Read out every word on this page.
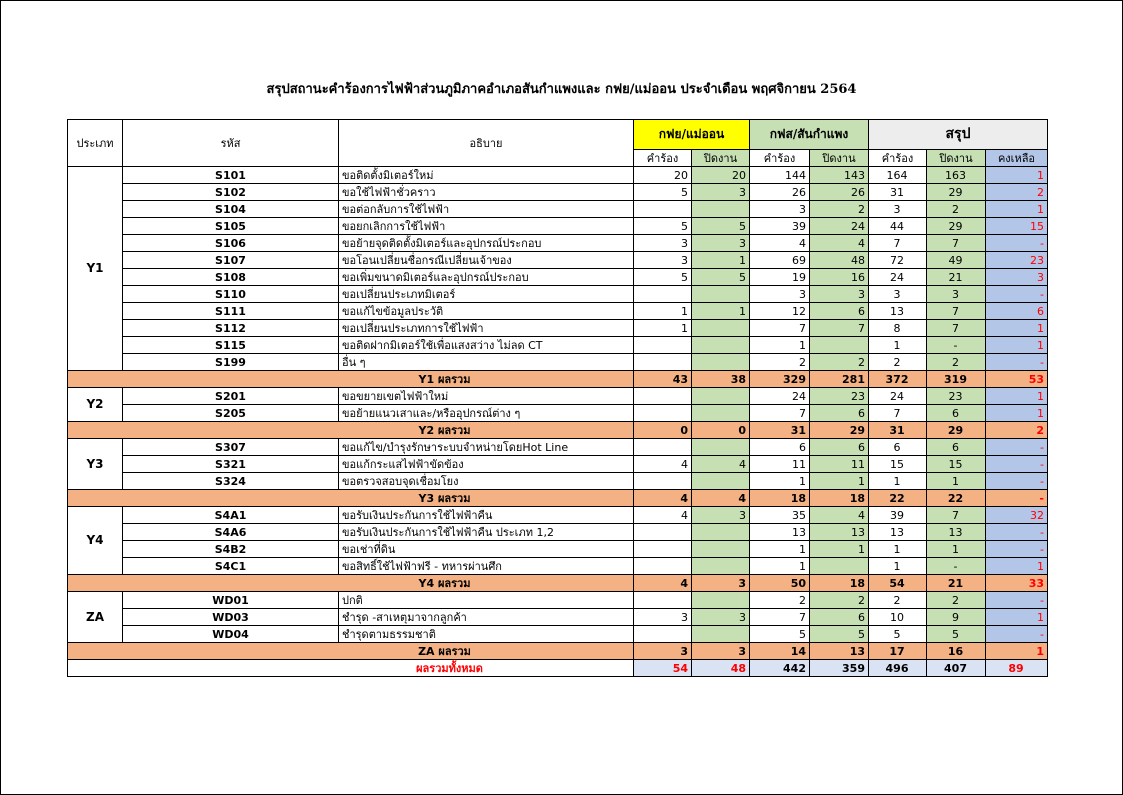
สรุปสถานะคำร้องการไฟฟ้าส่วนภูมิภาคอำเภอสันกำแพงและ กฟย/แม่ออน ประจำเดือน พฤศจิกายน 2564
ประเภท	รหัส	อธิบาย	กฟย/แม่ออน		กฟส/สันกำแพง		สรุป		
			คำร้อง	ปิดงาน	คำร้อง	ปิดงาน	คำร้อง	ปิดงาน	คงเหลือ
Y1	S101	ขอติดตั้งมิเตอร์ใหม่	20	20	144	143	164	163	1
	S102	ขอใช้ไฟฟ้าชั่วคราว	5	3	26	26	31	29	2
	S104	ขอต่อกลับการใช้ไฟฟ้า			3	2	3	2	1
	S105	ขอยกเลิกการใช้ไฟฟ้า	5	5	39	24	44	29	15
	S106	ขอย้ายจุดติดตั้งมิเตอร์และอุปกรณ์ประกอบ	3	3	4	4	7	7	-
	S107	ขอโอนเปลี่ยนชื่อกรณีเปลี่ยนเจ้าของ	3	1	69	48	72	49	23
	S108	ขอเพิ่มขนาดมิเตอร์และอุปกรณ์ประกอบ	5	5	19	16	24	21	3
	S110	ขอเปลี่ยนประเภทมิเตอร์			3	3	3	3	-
	S111	ขอแก้ไขข้อมูลประวัติ	1	1	12	6	13	7	6
	S112	ขอเปลี่ยนประเภทการใช้ไฟฟ้า	1		7	7	8	7	1
	S115	ขอติดฝากมิเตอร์ใช้เพื่อแสงสว่าง ไม่ลด CT			1		1	-	1
	S199	อื่น ๆ			2	2	2	2	-
Y1 ผลรวม			43	38	329	281	372	319	53
Y2	S201	ขอขยายเขตไฟฟ้าใหม่			24	23	24	23	1
	S205	ขอย้ายแนวเสาและ/หรืออุปกรณ์ต่าง ๆ			7	6	7	6	1
Y2 ผลรวม			0	0	31	29	31	29	2
Y3	S307	ขอแก้ไข/บำรุงรักษาระบบจำหน่ายโดยHot Line			6	6	6	6	-
	S321	ขอแก้กระแสไฟฟ้าขัดข้อง	4	4	11	11	15	15	-
	S324	ขอตรวจสอบจุดเชื่อมโยง			1	1	1	1	-
Y3 ผลรวม			4	4	18	18	22	22	-
Y4	S4A1	ขอรับเงินประกันการใช้ไฟฟ้าคืน	4	3	35	4	39	7	32
	S4A6	ขอรับเงินประกันการใช้ไฟฟ้าคืน ประเภท 1,2			13	13	13	13	-
	S4B2	ขอเช่าที่ดิน			1	1	1	1	-
	S4C1	ขอสิทธิ์ใช้ไฟฟ้าฟรี - ทหารผ่านศึก			1		1	-	1
Y4 ผลรวม			4	3	50	18	54	21	33
ZA	WD01	ปกติ			2	2	2	2	-
	WD03	ชำรุด -สาเหตุมาจากลูกค้า	3	3	7	6	10	9	1
	WD04	ชำรุดตามธรรมชาติ			5	5	5	5	-
ZA ผลรวม			3	3	14	13	17	16	1
ผลรวมทั้งหมด			54	48	442	359	496	407	89
